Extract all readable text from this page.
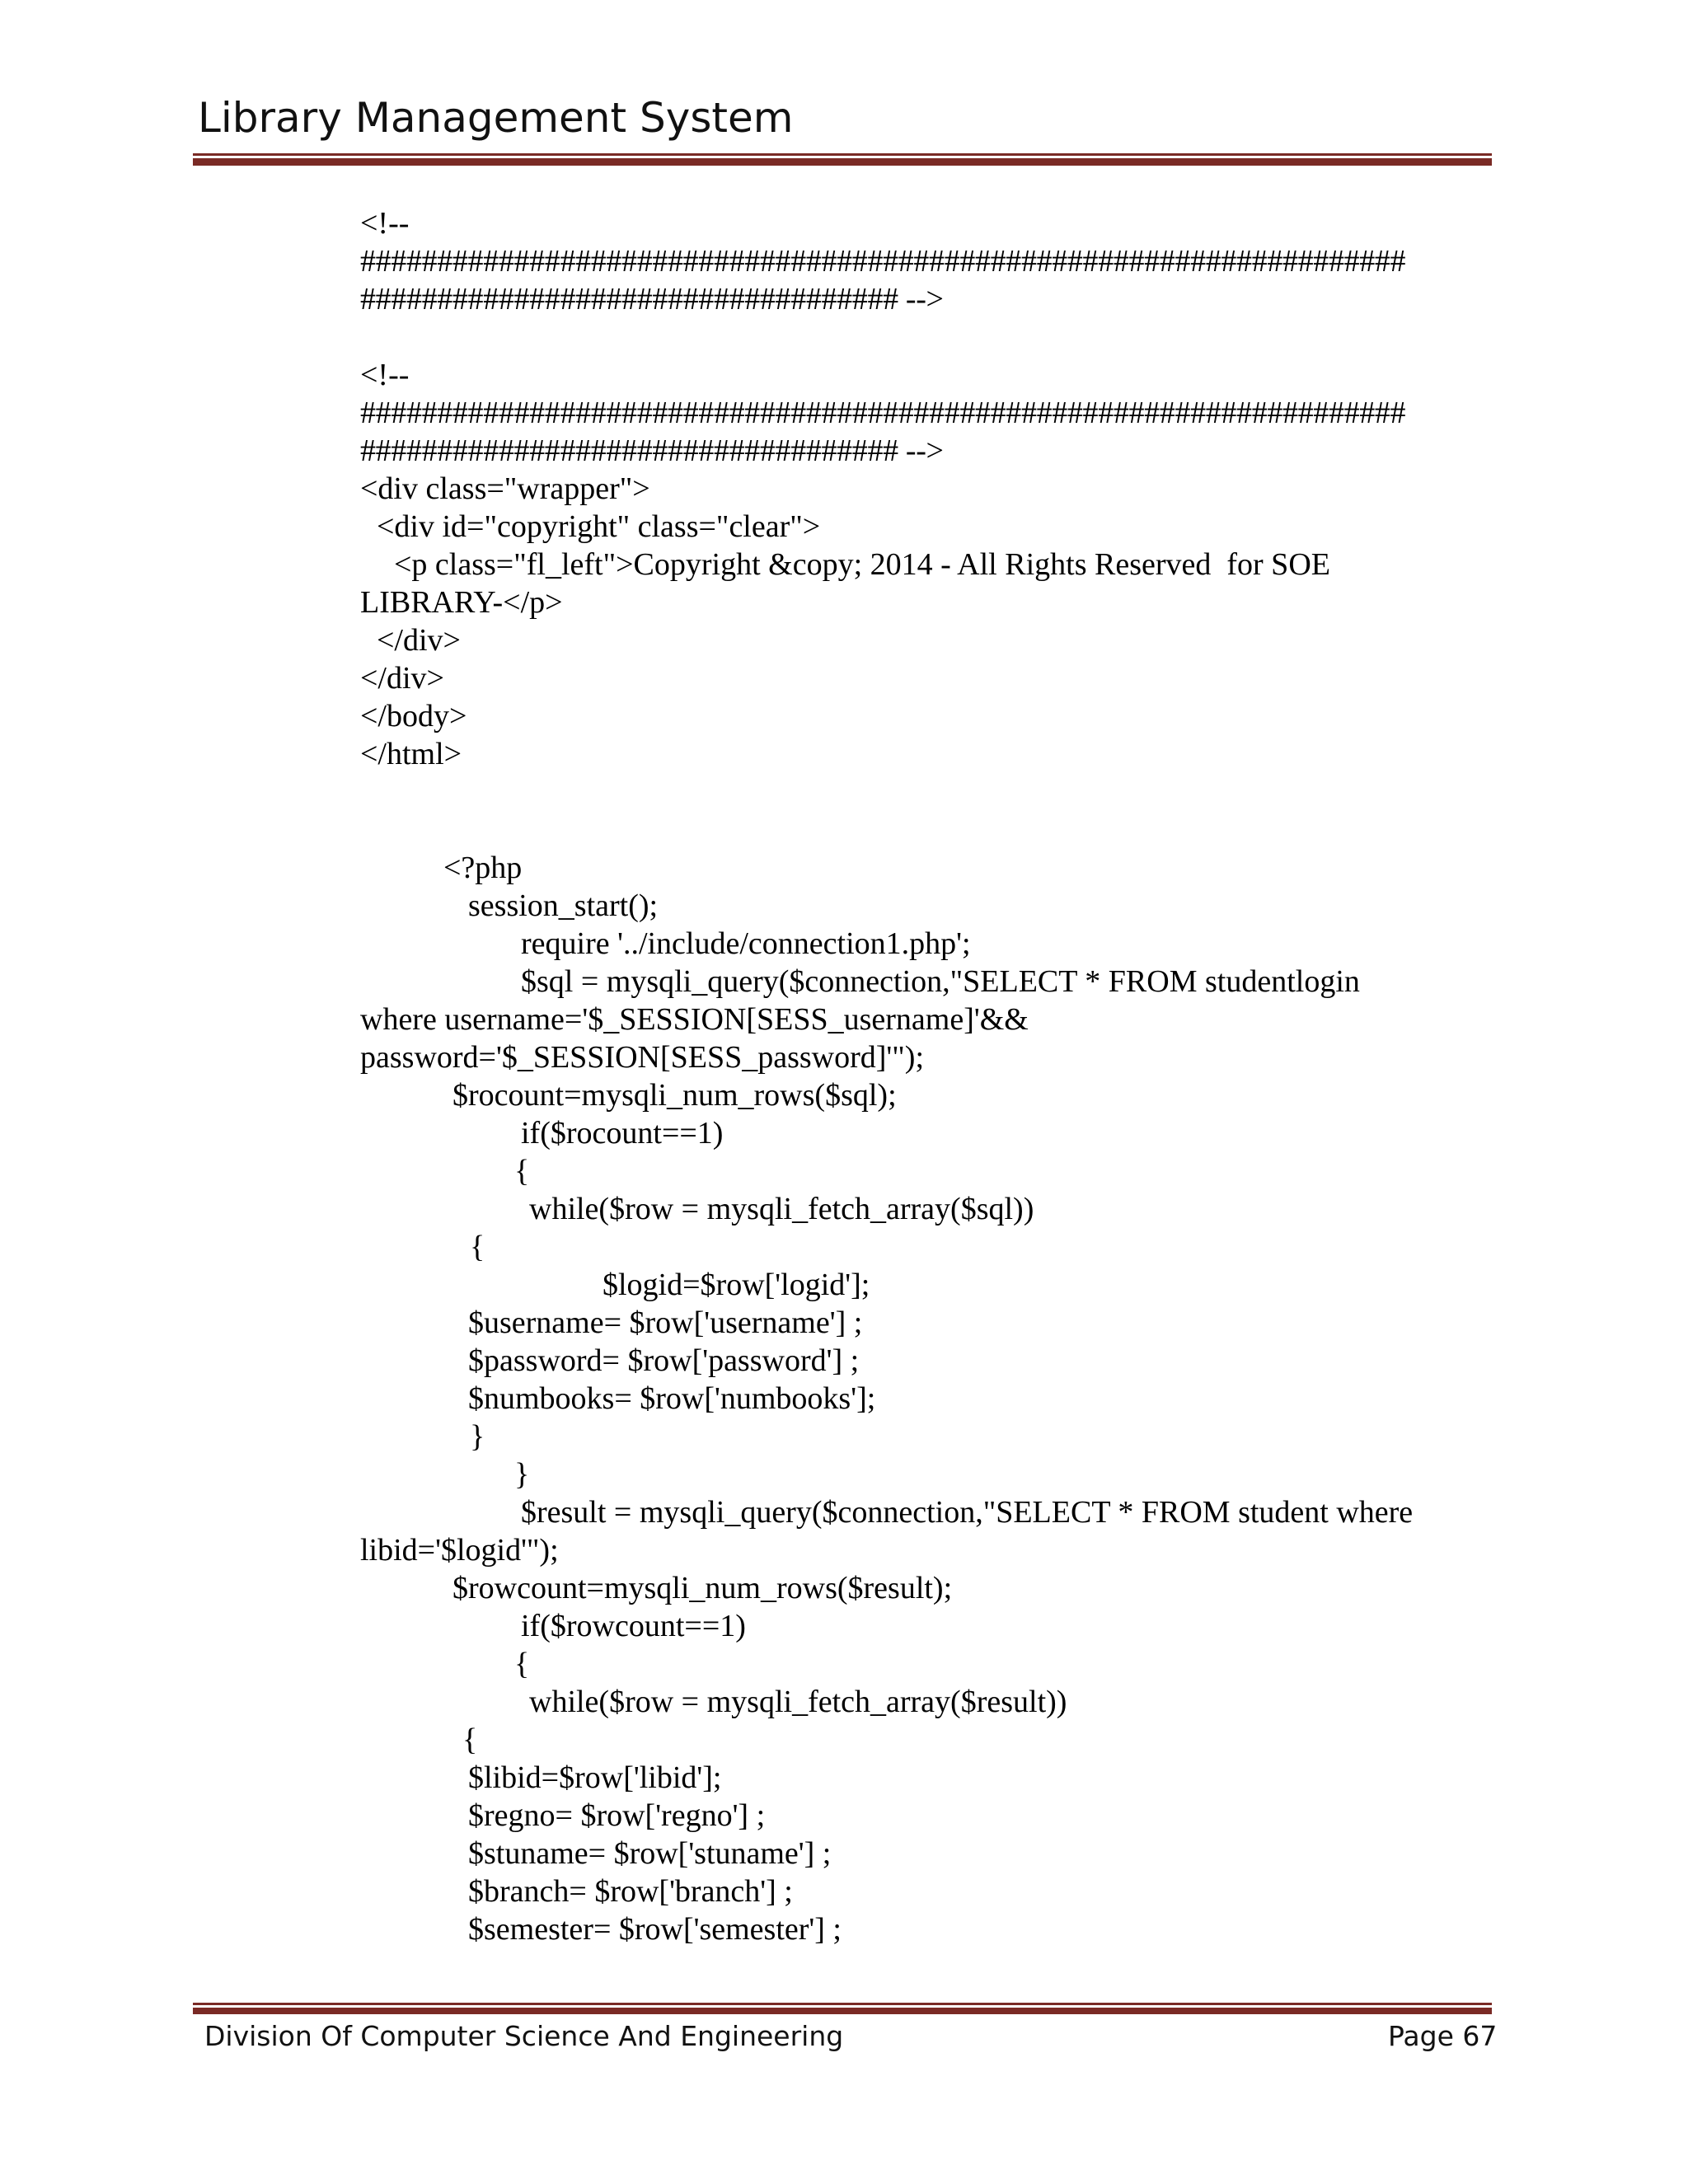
Library Management System
<!--
####################################################################
################################### -->
<!--
####################################################################
################################### -->
<div class="wrapper">
<div id="copyright" class="clear">
<p class="fl_left">Copyright &copy; 2014 - All Rights Reserved  for SOE
LIBRARY-</p>
</div>
</div>
</body>
</html>
<?php
session_start();
require '../include/connection1.php';
$sql = mysqli_query($connection,"SELECT * FROM studentlogin
where username='$_SESSION[SESS_username]'&&
password='$_SESSION[SESS_password]'");
$rocount=mysqli_num_rows($sql);
if($rocount==1)
{
while($row = mysqli_fetch_array($sql))
{
$logid=$row['logid'];
$username= $row['username'] ;
$password= $row['password'] ;
$numbooks= $row['numbooks'];
}
}
$result = mysqli_query($connection,"SELECT * FROM student where
libid='$logid'");
$rowcount=mysqli_num_rows($result);
if($rowcount==1)
{
while($row = mysqli_fetch_array($result))
{
$libid=$row['libid'];
$regno= $row['regno'] ;
$stuname= $row['stuname'] ;
$branch= $row['branch'] ;
$semester= $row['semester'] ;
Division Of Computer Science And Engineering	Page 67
